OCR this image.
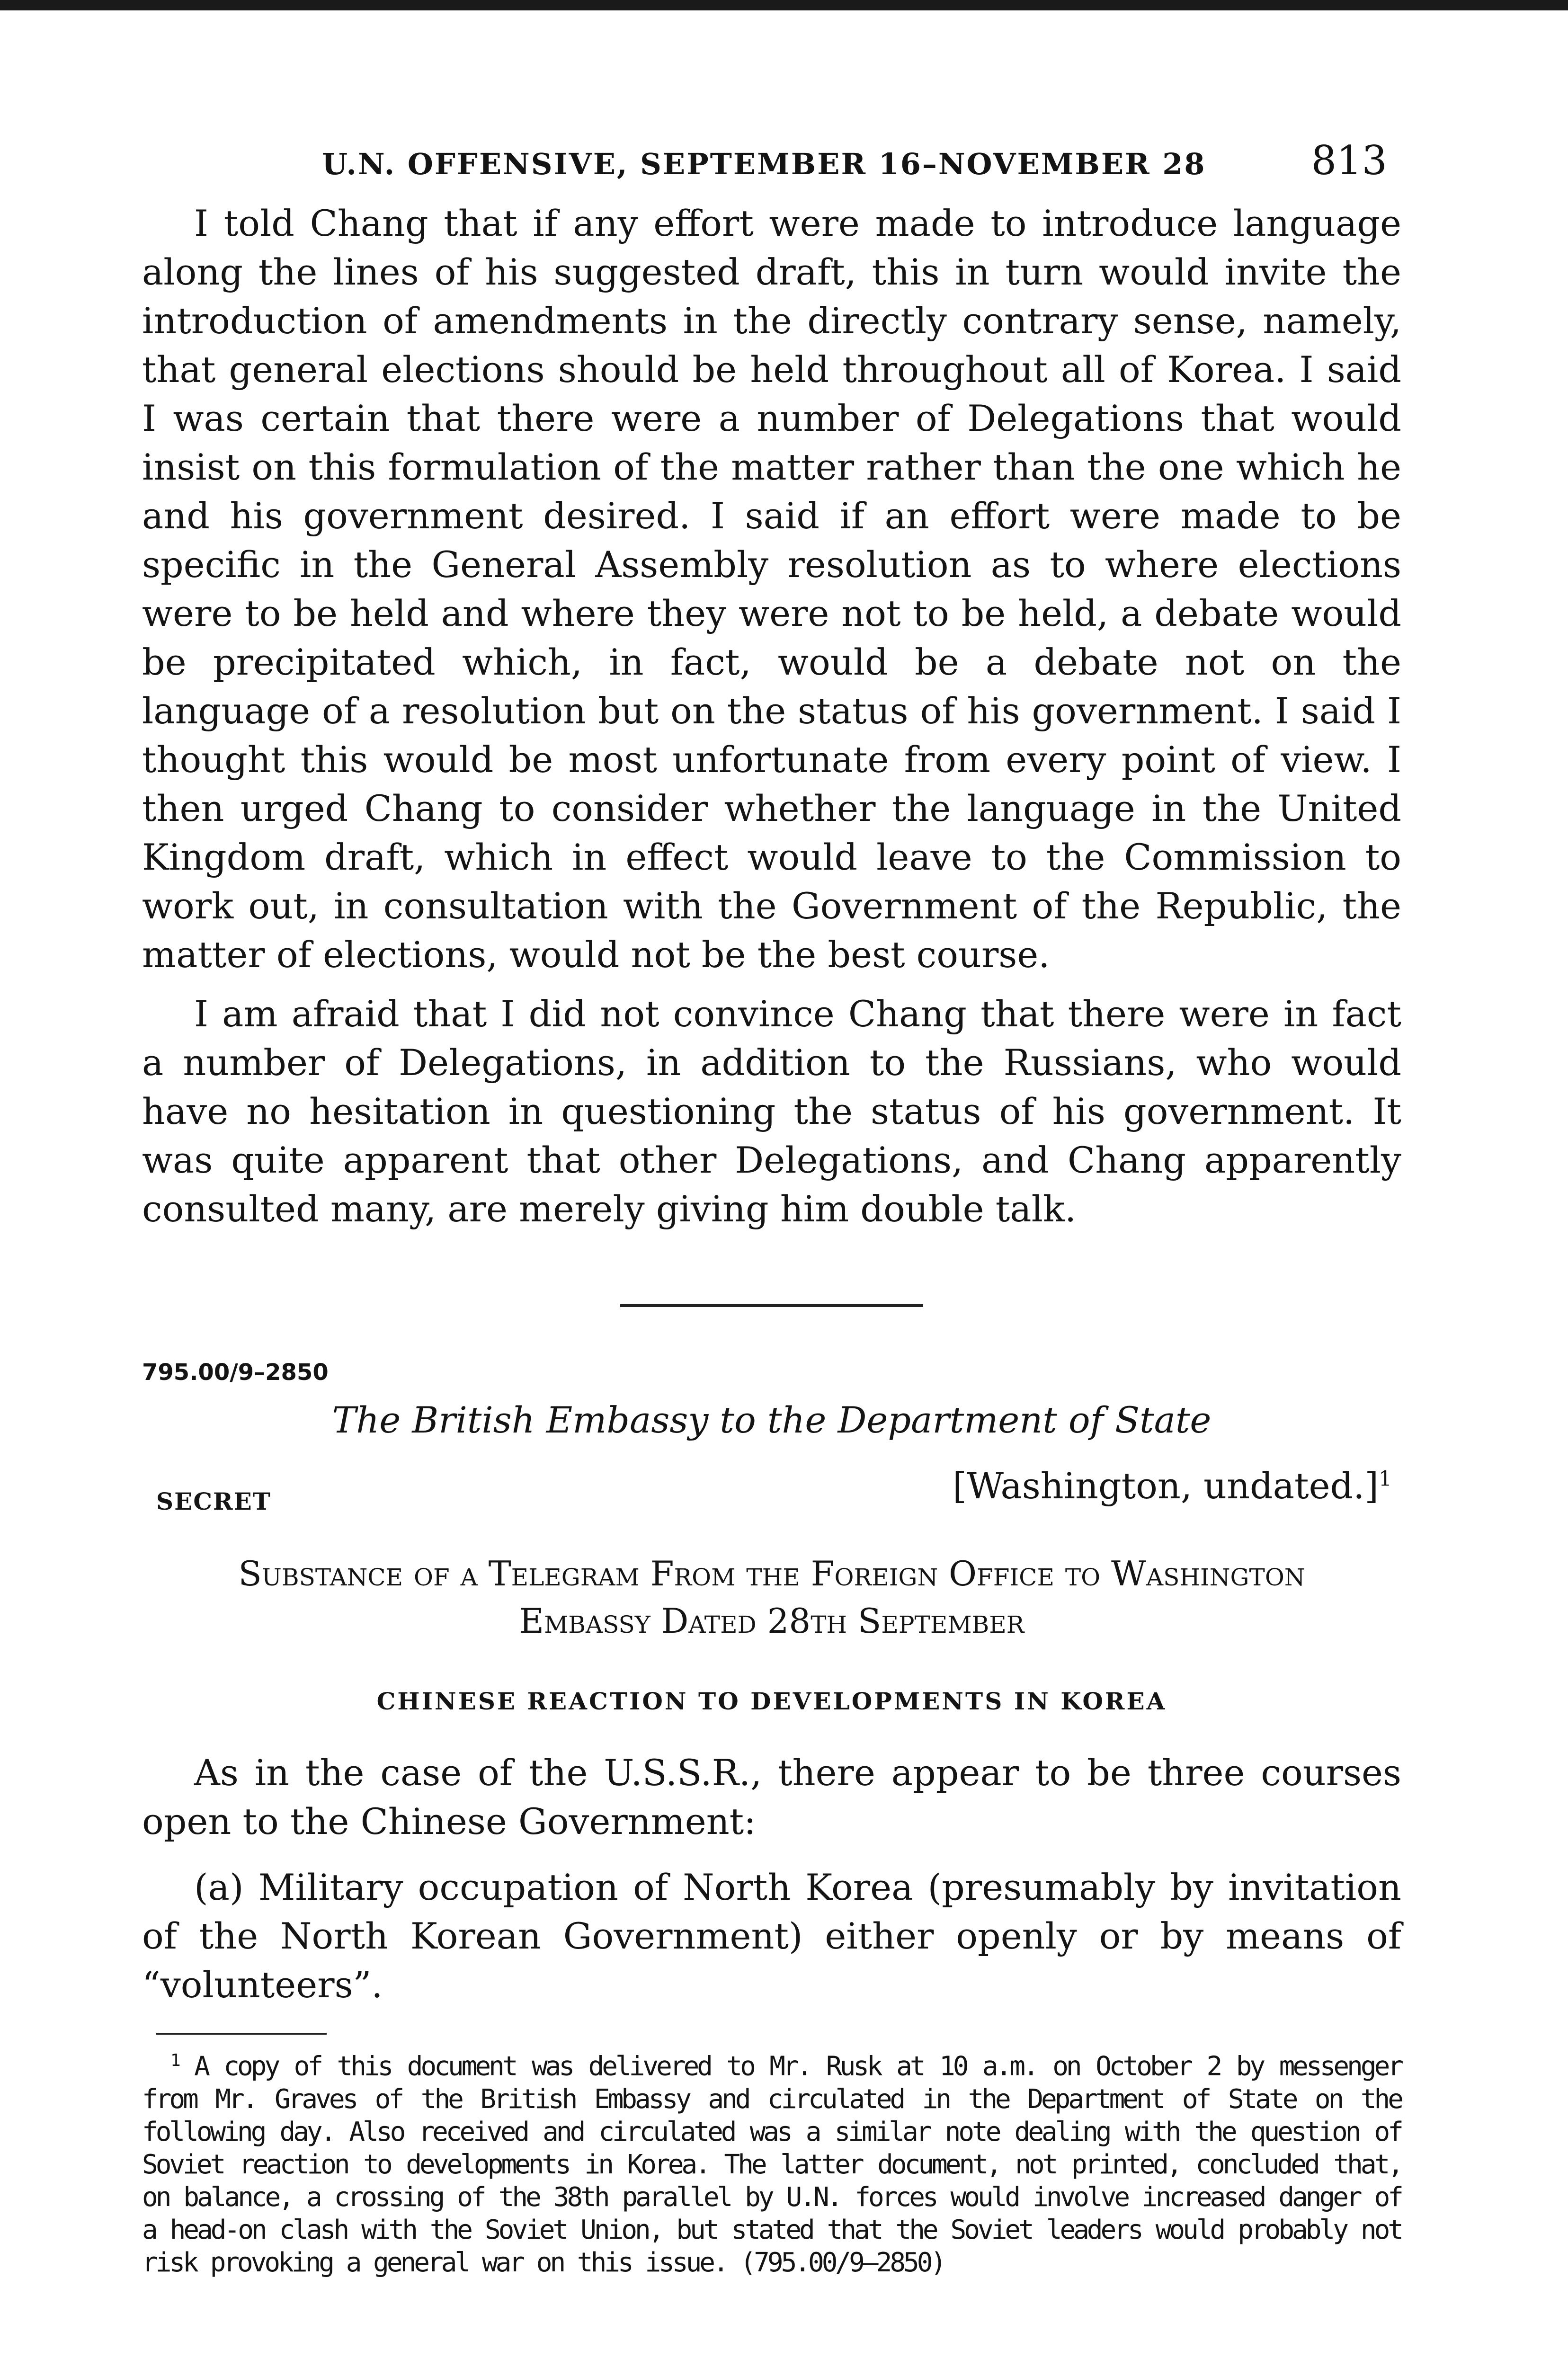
U.N. OFFENSIVE, SEPTEMBER 16–NOVEMBER 28	813

I told Chang that if any effort were made to introduce language along the lines of his suggested draft, this in turn would invite the introduction of amendments in the directly contrary sense, namely, that general elections should be held throughout all of Korea. I said I was certain that there were a number of Delegations that would insist on this formulation of the matter rather than the one which he and his government desired. I said if an effort were made to be specific in the General Assembly resolution as to where elections were to be held and where they were not to be held, a debate would be precipitated which, in fact, would be a debate not on the language of a resolution but on the status of his government. I said I thought this would be most unfortunate from every point of view. I then urged Chang to consider whether the language in the United Kingdom draft, which in effect would leave to the Commission to work out, in consultation with the Government of the Republic, the matter of elections, would not be the best course.

I am afraid that I did not convince Chang that there were in fact a number of Delegations, in addition to the Russians, who would have no hesitation in questioning the status of his government. It was quite apparent that other Delegations, and Chang apparently consulted many, are merely giving him double talk.

795.00/9–2850
The British Embassy to the Department of State
SECRET	[Washington, undated.]$^1$
Substance of a Telegram From the Foreign Office to Washington
Embassy Dated 28th September
CHINESE REACTION TO DEVELOPMENTS IN KOREA

As in the case of the U.S.S.R., there appear to be three courses open to the Chinese Government:

(a) Military occupation of North Korea (presumably by invitation of the North Korean Government) either openly or by means of “volunteers”.

$^1$ A copy of this document was delivered to Mr. Rusk at 10 a.m. on October 2 by messenger from Mr. Graves of the British Embassy and circulated in the Department of State on the following day. Also received and circulated was a similar note dealing with the question of Soviet reaction to developments in Korea. The latter document, not printed, concluded that, on balance, a crossing of the 38th parallel by U.N. forces would involve increased danger of a head-on clash with the Soviet Union, but stated that the Soviet leaders would probably not risk provoking a general war on this issue. (795.00/9–2850)
